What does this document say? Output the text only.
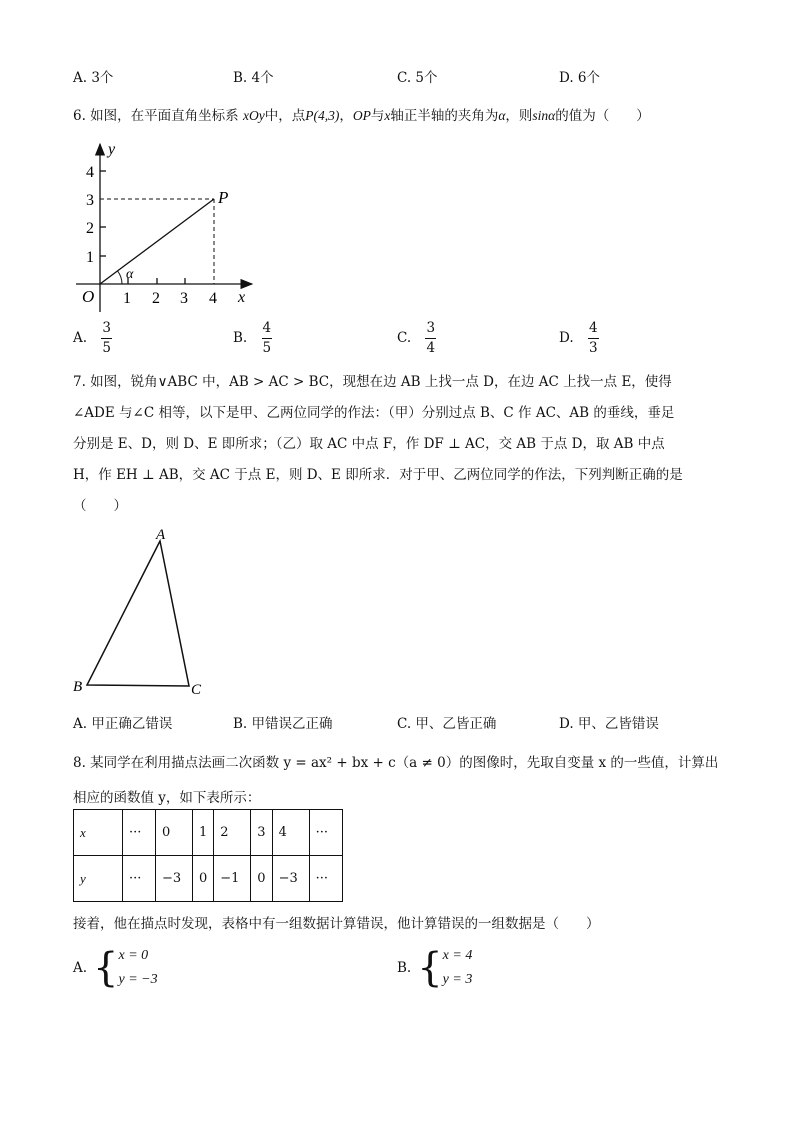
A. 3个	B. 4个	C. 5个	D. 6个
6. 如图，在平面直角坐标系 xOy中，点P(4,3)，OP与x轴正半轴的夹角为α，则sinα的值为（　　）
y
x
O
P
α
1 2 3 4
1
2
3
4
A. $\frac{3}{5}$	B. $\frac{4}{5}$	C. $\frac{3}{4}$	D. $\frac{4}{3}$
7. 如图，锐角∨ABC 中，AB > AC > BC，现想在边 AB 上找一点 D，在边 AC 上找一点 E，使得
∠ADE 与∠C 相等，以下是甲、乙两位同学的作法：（甲）分别过点 B、C 作 AC、AB 的垂线，垂足
分别是 E、D，则 D、E 即所求；（乙）取 AC 中点 F，作 DF ⊥ AC，交 AB 于点 D，取 AB 中点
H，作 EH ⊥ AB，交 AC 于点 E，则 D、E 即所求．对于甲、乙两位同学的作法，下列判断正确的是
（　　）
A
B	C
A. 甲正确乙错误	B. 甲错误乙正确	C. 甲、乙皆正确	D. 甲、乙皆错误
8. 某同学在利用描点法画二次函数 y = ax² + bx + c（a ≠ 0）的图像时，先取自变量 x 的一些值，计算出
相应的函数值 y，如下表所示：
x	···	0	1	2	3	4	···
y	···	−3	0	−1	0	−3	···
接着，他在描点时发现，表格中有一组数据计算错误，他计算错误的一组数据是（　　）
A. { x = 0
y = −3
B. { x = 4
y = 3
